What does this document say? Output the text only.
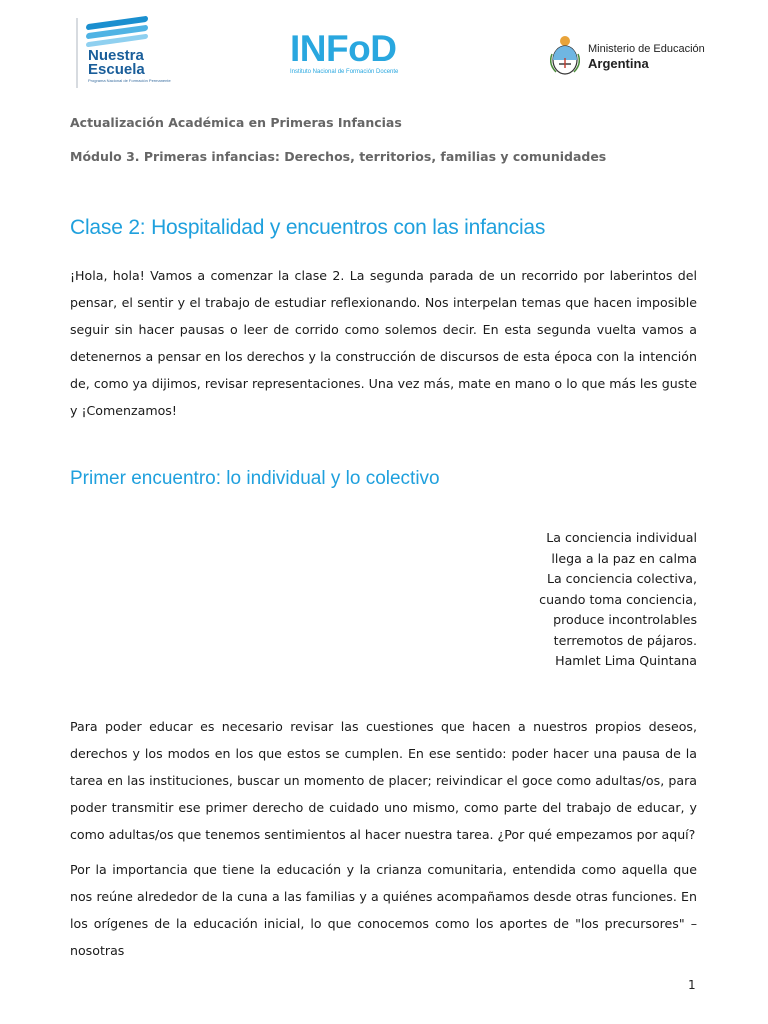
Nuestra
Escuela
Programa Nacional de Formación Permanente
INFoD
Instituto Nacional de Formación Docente
Ministerio de Educación
Argentina
Actualización Académica en Primeras Infancias
Módulo 3. Primeras infancias: Derechos, territorios, familias y comunidades
Clase 2: Hospitalidad y encuentros con las infancias

¡Hola, hola! Vamos a comenzar la clase 2. La segunda parada de un recorrido por laberintos del pensar, el sentir y el trabajo de estudiar reflexionando. Nos interpelan temas que hacen imposible seguir sin hacer pausas o leer de corrido como solemos decir. En esta segunda vuelta vamos a detenernos a pensar en los derechos y la construcción de discursos de esta época con la intención de, como ya dijimos, revisar representaciones. Una vez más, mate en mano o lo que más les guste y ¡Comenzamos!

Primer encuentro: lo individual y lo colectivo
La conciencia individual
llega a la paz en calma
La conciencia colectiva,
cuando toma conciencia,
produce incontrolables
terremotos de pájaros.
Hamlet Lima Quintana

Para poder educar es necesario revisar las cuestiones que hacen a nuestros propios deseos, derechos y los modos en los que estos se cumplen. En ese sentido: poder hacer una pausa de la tarea en las instituciones, buscar un momento de placer; reivindicar el goce como adultas/os, para poder transmitir ese primer derecho de cuidado uno mismo, como parte del trabajo de educar, y como adultas/os que tenemos sentimientos al hacer nuestra tarea. ¿Por qué empezamos por aquí?

Por la importancia que tiene la educación y la crianza comunitaria, entendida como aquella que nos reúne alrededor de la cuna a las familias y a quiénes acompañamos desde otras funciones. En los orígenes de la educación inicial, lo que conocemos como los aportes de "los precursores" –nosotras

1
